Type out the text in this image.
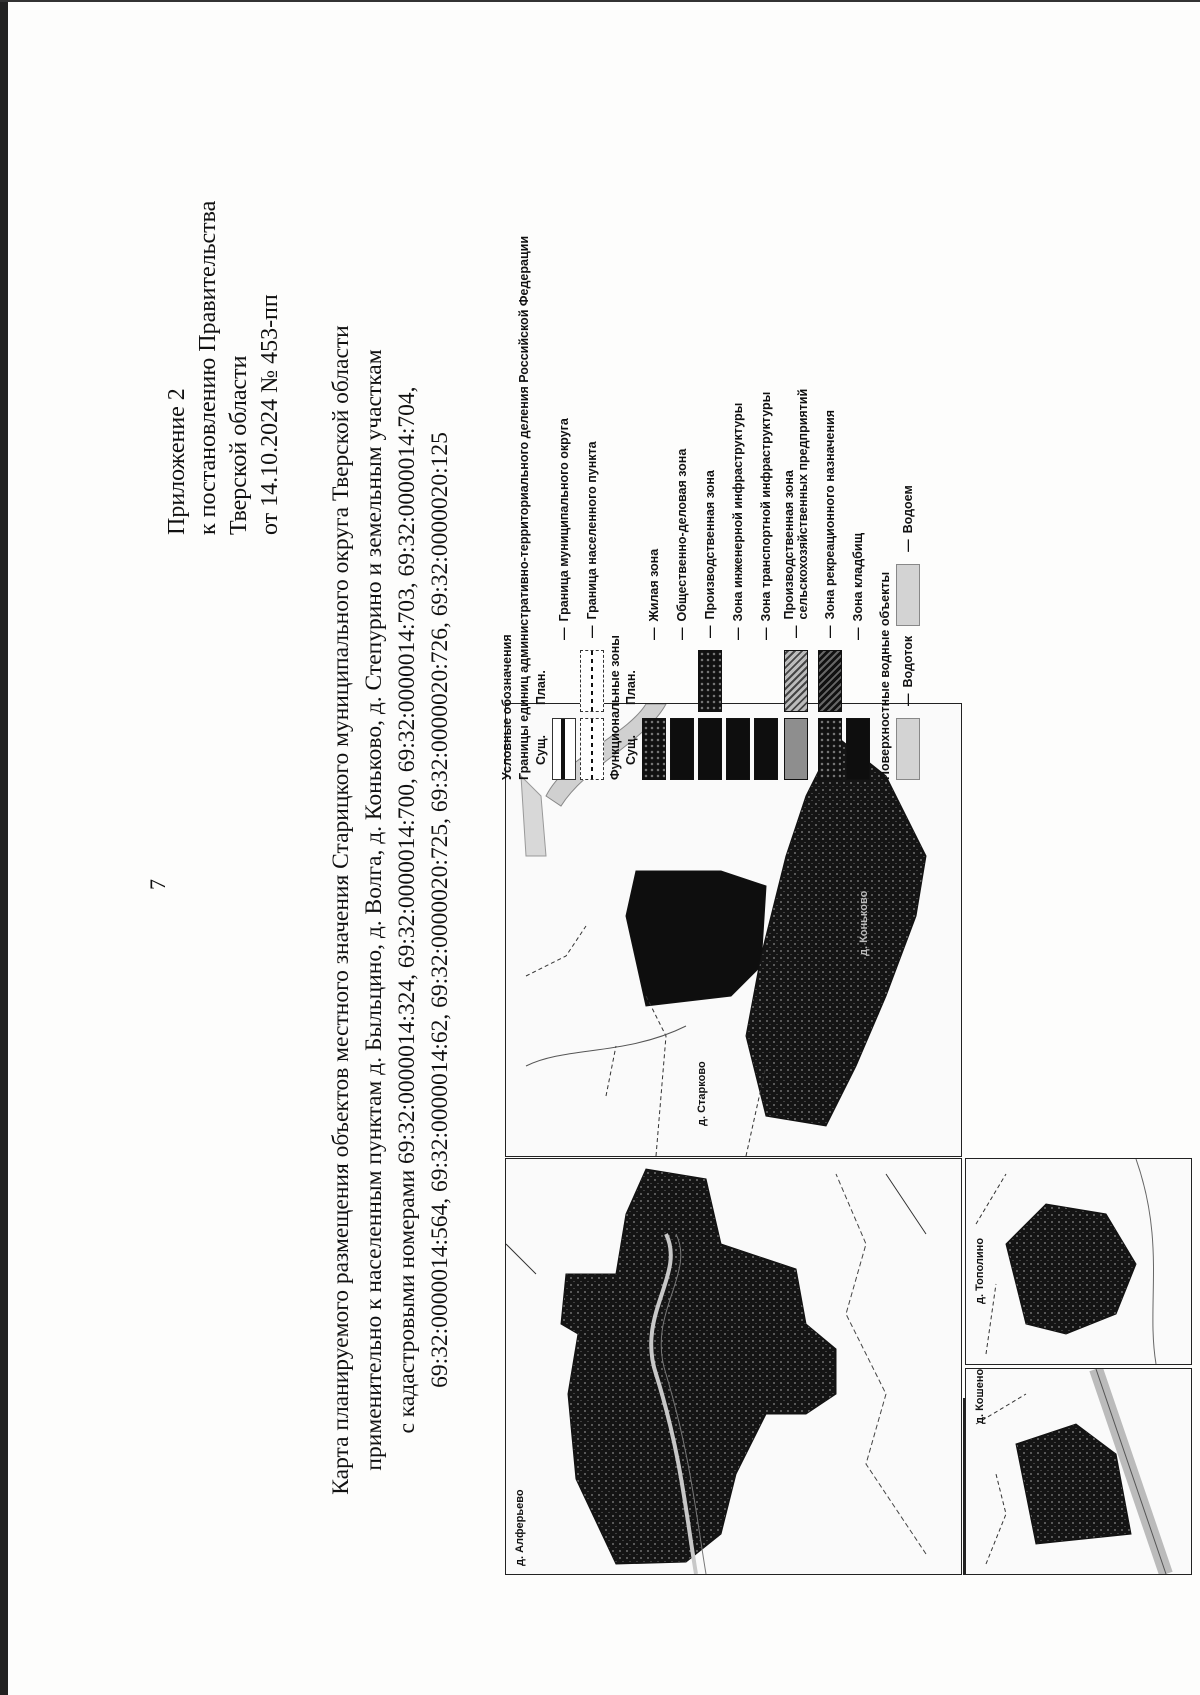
7
Приложение 2 к постановлению Правительства Тверской области от 14.10.2024 № 453-пп Карта планируемого размещения объектов местного значения Старицкого муниципального округа Тверской области применительно к населенным пунктам д. Быльцино, д. Волга, д. Коньково, д. Степурино и земельным участкам с кадастровыми номерами 69:32:0000014:324, 69:32:0000014:700, 69:32:0000014:703, 69:32:0000014:704, 69:32:0000014:564, 69:32:0000014:62, 69:32:0000020:725, 69:32:0000020:726, 69:32:0000020:125
д. Алферьево
д. Старково
д. Коньково
д. Кошено
д. Тополино
Условные обозначения Границы единиц административно-территориального деления Российской Федерации Сущ.
План.
—
Граница муниципального округа
—
Граница населенного пункта
Функциональные зоны Сущ.
План.
—
Жилая зона
—
Общественно-деловая зона
—
Производственная зона
—
Зона инженерной инфраструктуры
—
Зона транспортной инфраструктуры
—
Производственная зона сельскохозяйственных предприятий
—
Зона рекреационного назначения
—
Зона кладбищ Поверхностные водные объекты —
Водоток
—
Водоем
